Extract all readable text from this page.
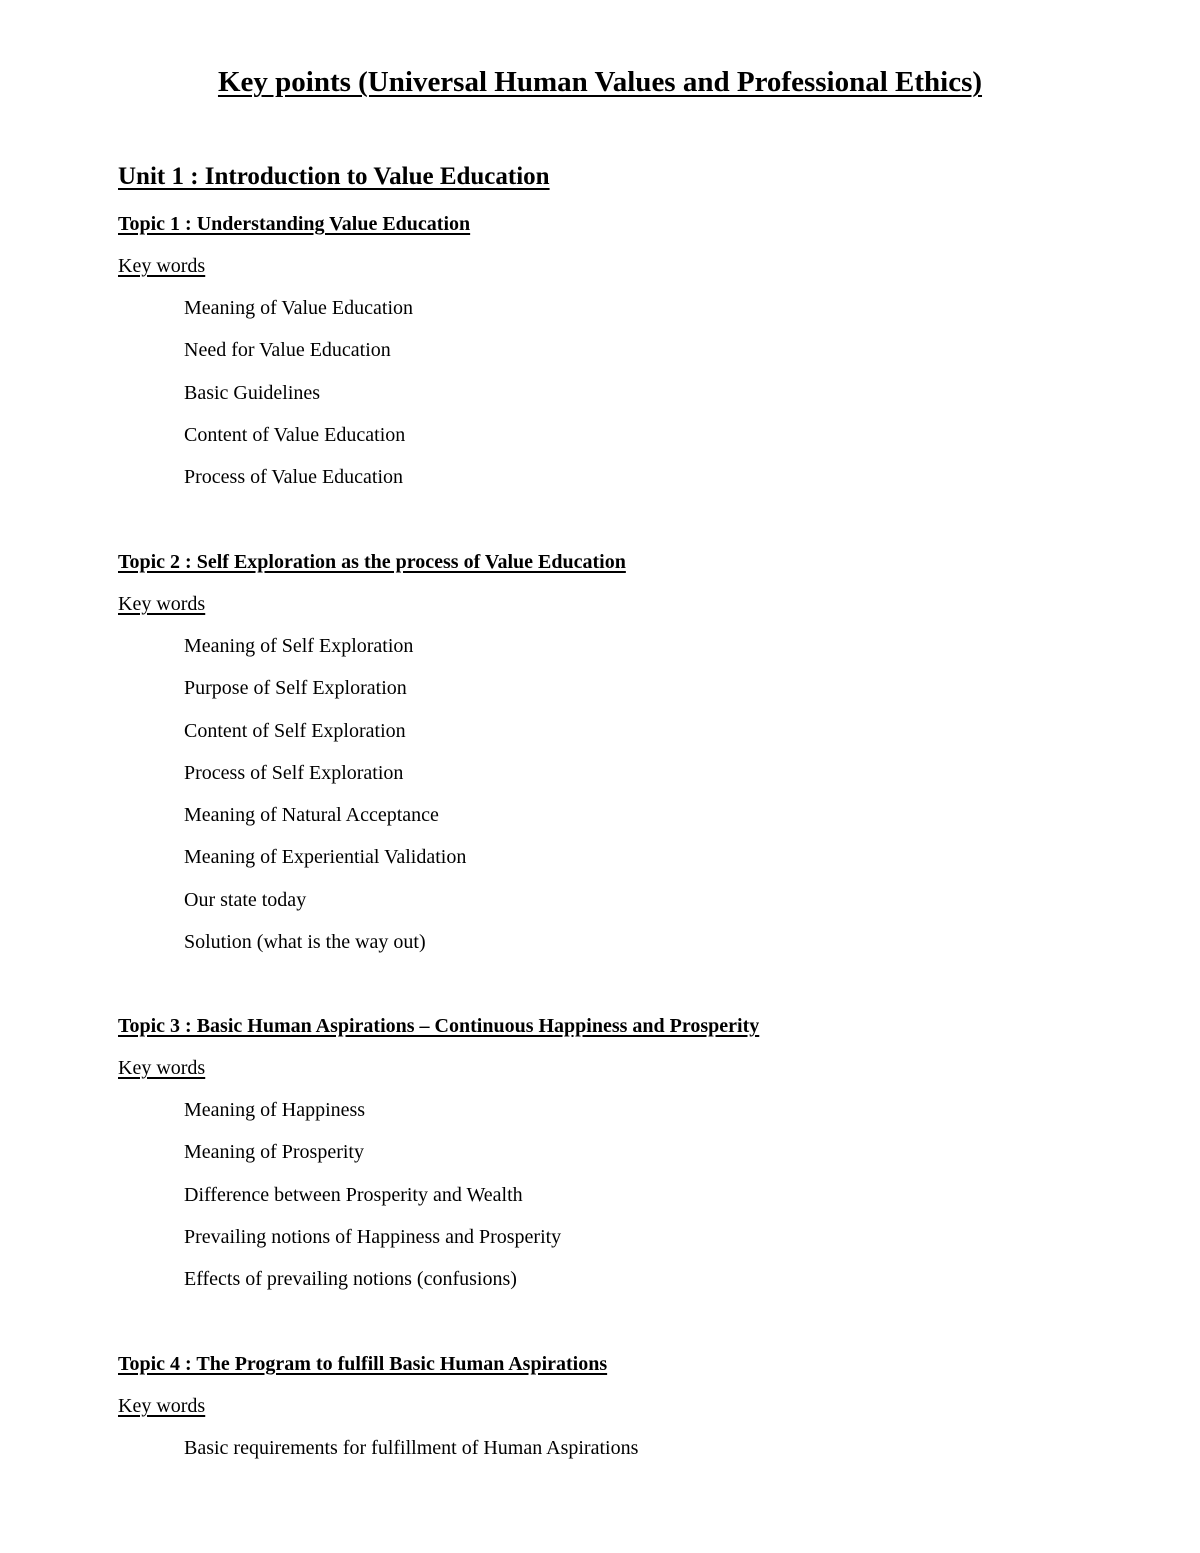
Key points (Universal Human Values and Professional Ethics)
Unit 1 : Introduction to Value Education
Topic 1 : Understanding Value Education

Key words

Meaning of Value Education
Need for Value Education
Basic Guidelines
Content of Value Education
Process of Value Education
Topic 2 : Self Exploration as the process of Value Education

Key words

Meaning of Self Exploration
Purpose of Self Exploration
Content of Self Exploration
Process of Self Exploration
Meaning of Natural Acceptance
Meaning of Experiential Validation
Our state today
Solution (what is the way out)
Topic 3 : Basic Human Aspirations – Continuous Happiness and Prosperity

Key words

Meaning of Happiness
Meaning of Prosperity
Difference between Prosperity and Wealth
Prevailing notions of Happiness and Prosperity
Effects of prevailing notions (confusions)
Topic 4 : The Program to fulfill Basic Human Aspirations

Key words

Basic requirements for fulfillment of Human Aspirations
